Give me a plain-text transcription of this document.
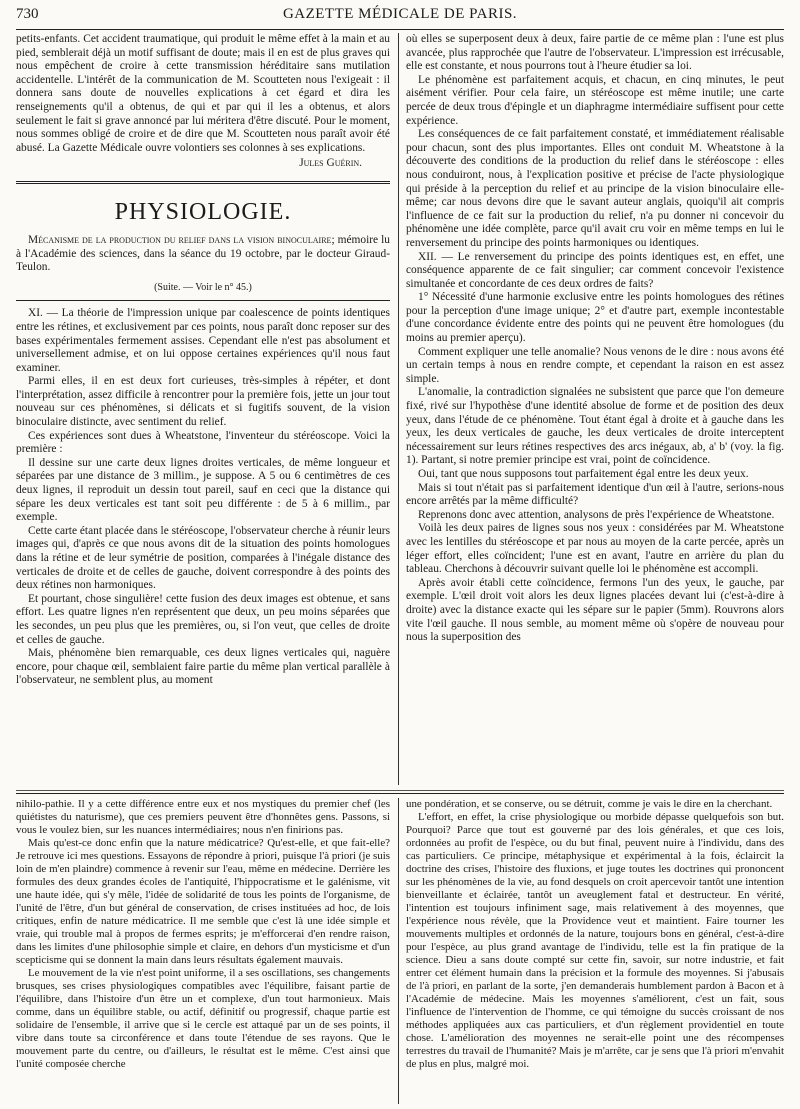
730	GAZETTE MÉDICALE DE PARIS.

petits-enfants. Cet accident traumatique, qui produit le même effet à la main et au pied, semblerait déjà un motif suffisant de doute; mais il en est de plus graves qui nous empêchent de croire à cette transmission héréditaire sans mutilation accidentelle. L'intérêt de la communication de M. Scoutteten nous l'exigeait : il donnera sans doute de nouvelles explications à cet égard et dira les renseignements qu'il a obtenus, de qui et par qui il les a obtenus, et alors seulement le fait si grave annoncé par lui méritera d'être discuté. Pour le moment, nous sommes obligé de croire et de dire que M. Scoutteten nous paraît avoir été abusé. La Gazette Médicale ouvre volontiers ses colonnes à ses explications.

Jules Guérin.

PHYSIOLOGIE.

Mécanisme de la production du relief dans la vision binoculaire; mémoire lu à l'Académie des sciences, dans la séance du 19 octobre, par le docteur Giraud-Teulon.

(Suite. — Voir le n° 45.)

XI. — La théorie de l'impression unique par coalescence de points identiques entre les rétines, et exclusivement par ces points, nous paraît donc reposer sur des bases expérimentales fermement assises. Cependant elle n'est pas absolument et universellement admise, et on lui oppose certaines expériences qu'il nous faut examiner.

Parmi elles, il en est deux fort curieuses, très-simples à répéter, et dont l'interprétation, assez difficile à rencontrer pour la première fois, jette un jour tout nouveau sur ces phénomènes, si délicats et si fugitifs souvent, de la vision binoculaire distincte, avec sentiment du relief.

Ces expériences sont dues à Wheatstone, l'inventeur du stéréoscope. Voici la première :

Il dessine sur une carte deux lignes droites verticales, de même longueur et séparées par une distance de 3 millim., je suppose. A 5 ou 6 centimètres de ces deux lignes, il reproduit un dessin tout pareil, sauf en ceci que la distance qui sépare les deux verticales est tant soit peu différente : de 5 à 6 millim., par exemple.

Cette carte étant placée dans le stéréoscope, l'observateur cherche à réunir leurs images qui, d'après ce que nous avons dit de la situation des points homologues dans la rétine et de leur symétrie de position, comparées à l'inégale distance des verticales de droite et de celles de gauche, doivent correspondre à des points des deux rétines non harmoniques.

Et pourtant, chose singulière! cette fusion des deux images est obtenue, et sans effort. Les quatre lignes n'en représentent que deux, un peu moins séparées que les secondes, un peu plus que les premières, ou, si l'on veut, que celles de droite et celles de gauche.

Mais, phénomène bien remarquable, ces deux lignes verticales qui, naguère encore, pour chaque œil, semblaient faire partie du même plan vertical parallèle à l'observateur, ne semblent plus, au moment

où elles se superposent deux à deux, faire partie de ce même plan : l'une est plus avancée, plus rapprochée que l'autre de l'observateur. L'impression est irrécusable, elle est constante, et nous pourrons tout à l'heure étudier sa loi.

Le phénomène est parfaitement acquis, et chacun, en cinq minutes, le peut aisément vérifier. Pour cela faire, un stéréoscope est même inutile; une carte percée de deux trous d'épingle et un diaphragme intermédiaire suffisent pour cette expérience.

Les conséquences de ce fait parfaitement constaté, et immédiatement réalisable pour chacun, sont des plus importantes. Elles ont conduit M. Wheatstone à la découverte des conditions de la production du relief dans le stéréoscope : elles nous conduiront, nous, à l'explication positive et précise de l'acte physiologique qui préside à la perception du relief et au principe de la vision binoculaire elle-même; car nous devons dire que le savant auteur anglais, quoiqu'il ait compris l'influence de ce fait sur la production du relief, n'a pu donner ni concevoir du phénomène une idée complète, parce qu'il avait cru voir en même temps en lui le renversement du principe des points harmoniques ou identiques.

XII. — Le renversement du principe des points identiques est, en effet, une conséquence apparente de ce fait singulier; car comment concevoir l'existence simultanée et concordante de ces deux ordres de faits?

1° Nécessité d'une harmonie exclusive entre les points homologues des rétines pour la perception d'une image unique; 2° et d'autre part, exemple incontestable d'une concordance évidente entre des points qui ne peuvent être homologues (du moins au premier aperçu).

Comment expliquer une telle anomalie? Nous venons de le dire : nous avons été un certain temps à nous en rendre compte, et cependant la raison en est assez simple.

L'anomalie, la contradiction signalées ne subsistent que parce que l'on demeure fixé, rivé sur l'hypothèse d'une identité absolue de forme et de position des deux yeux, dans l'étude de ce phénomène. Tout étant égal à droite et à gauche dans les yeux, les deux verticales de gauche, les deux verticales de droite interceptent nécessairement sur leurs rétines respectives des arcs inégaux, ab, a' b' (voy. la fig. 1). Partant, si notre premier principe est vrai, point de coïncidence.

Oui, tant que nous supposons tout parfaitement égal entre les deux yeux.

Mais si tout n'était pas si parfaitement identique d'un œil à l'autre, serions-nous encore arrêtés par la même difficulté?

Reprenons donc avec attention, analysons de près l'expérience de Wheatstone.

Voilà les deux paires de lignes sous nos yeux : considérées par M. Wheatstone avec les lentilles du stéréoscope et par nous au moyen de la carte percée, après un léger effort, elles coïncident; l'une est en avant, l'autre en arrière du plan du tableau. Cherchons à découvrir suivant quelle loi le phénomène est accompli.

Après avoir établi cette coïncidence, fermons l'un des yeux, le gauche, par exemple. L'œil droit voit alors les deux lignes placées devant lui (c'est-à-dire à droite) avec la distance exacte qui les sépare sur le papier (5mm). Rouvrons alors vite l'œil gauche. Il nous semble, au moment même où s'opère de nouveau pour nous la superposition des

nihilo-pathie. Il y a cette différence entre eux et nos mystiques du premier chef (les quiétistes du naturisme), que ces premiers peuvent être d'honnêtes gens. Passons, si vous le voulez bien, sur les nuances intermédiaires; nous n'en finirions pas.

Mais qu'est-ce donc enfin que la nature médicatrice? Qu'est-elle, et que fait-elle? Je retrouve ici mes questions. Essayons de répondre à priori, puisque l'à priori (je suis loin de m'en plaindre) commence à revenir sur l'eau, même en médecine. Derrière les formules des deux grandes écoles de l'antiquité, l'hippocratisme et le galénisme, vit une haute idée, qui s'y mêle, l'idée de solidarité de tous les points de l'organisme, de l'unité de l'être, d'un but général de conservation, de crises instituées ad hoc, de lois critiques, enfin de nature médicatrice. Il me semble que c'est là une idée simple et vraie, qui trouble mal à propos de fermes esprits; je m'efforcerai d'en rendre raison, dans les limites d'une philosophie simple et claire, en dehors d'un mysticisme et d'un scepticisme qui se donnent la main dans leurs résultats également mauvais.

Le mouvement de la vie n'est point uniforme, il a ses oscillations, ses changements brusques, ses crises physiologiques compatibles avec l'équilibre, faisant partie de l'équilibre, dans l'histoire d'un être un et complexe, d'un tout harmonieux. Mais comme, dans un équilibre stable, ou actif, définitif ou progressif, chaque partie est solidaire de l'ensemble, il arrive que si le cercle est attaqué par un de ses points, il vibre dans toute sa circonférence et dans toute l'étendue de ses rayons. Que le mouvement parte du centre, ou d'ailleurs, le résultat est le même. C'est ainsi que l'unité composée cherche

une pondération, et se conserve, ou se détruit, comme je vais le dire en la cherchant.

L'effort, en effet, la crise physiologique ou morbide dépasse quelquefois son but. Pourquoi? Parce que tout est gouverné par des lois générales, et que ces lois, ordonnées au profit de l'espèce, ou du but final, peuvent nuire à l'individu, dans des cas particuliers. Ce principe, métaphysique et expérimental à la fois, éclaircit la doctrine des crises, l'histoire des fluxions, et juge toutes les doctrines qui prononcent sur les phénomènes de la vie, au fond desquels on croit apercevoir tantôt une intention bienveillante et éclairée, tantôt un aveuglement fatal et destructeur. En vérité, l'intention est toujours infiniment sage, mais relativement à des moyennes, que l'expérience nous révèle, que la Providence veut et maintient. Faire tourner les mouvements multiples et ordonnés de la nature, toujours bons en général, c'est-à-dire pour l'espèce, au plus grand avantage de l'individu, telle est la fin pratique de la science. Dieu a sans doute compté sur cette fin, savoir, sur notre industrie, et fait entrer cet élément humain dans la précision et la formule des moyennes. Si j'abusais de l'à priori, en parlant de la sorte, j'en demanderais humblement pardon à Bacon et à l'Académie de médecine. Mais les moyennes s'améliorent, c'est un fait, sous l'influence de l'intervention de l'homme, ce qui témoigne du succès croissant de nos méthodes appliquées aux cas particuliers, et d'un règlement providentiel en toute chose. L'amélioration des moyennes ne serait-elle point une des récompenses terrestres du travail de l'humanité? Mais je m'arrête, car je sens que l'à priori m'envahit de plus en plus, malgré moi.
